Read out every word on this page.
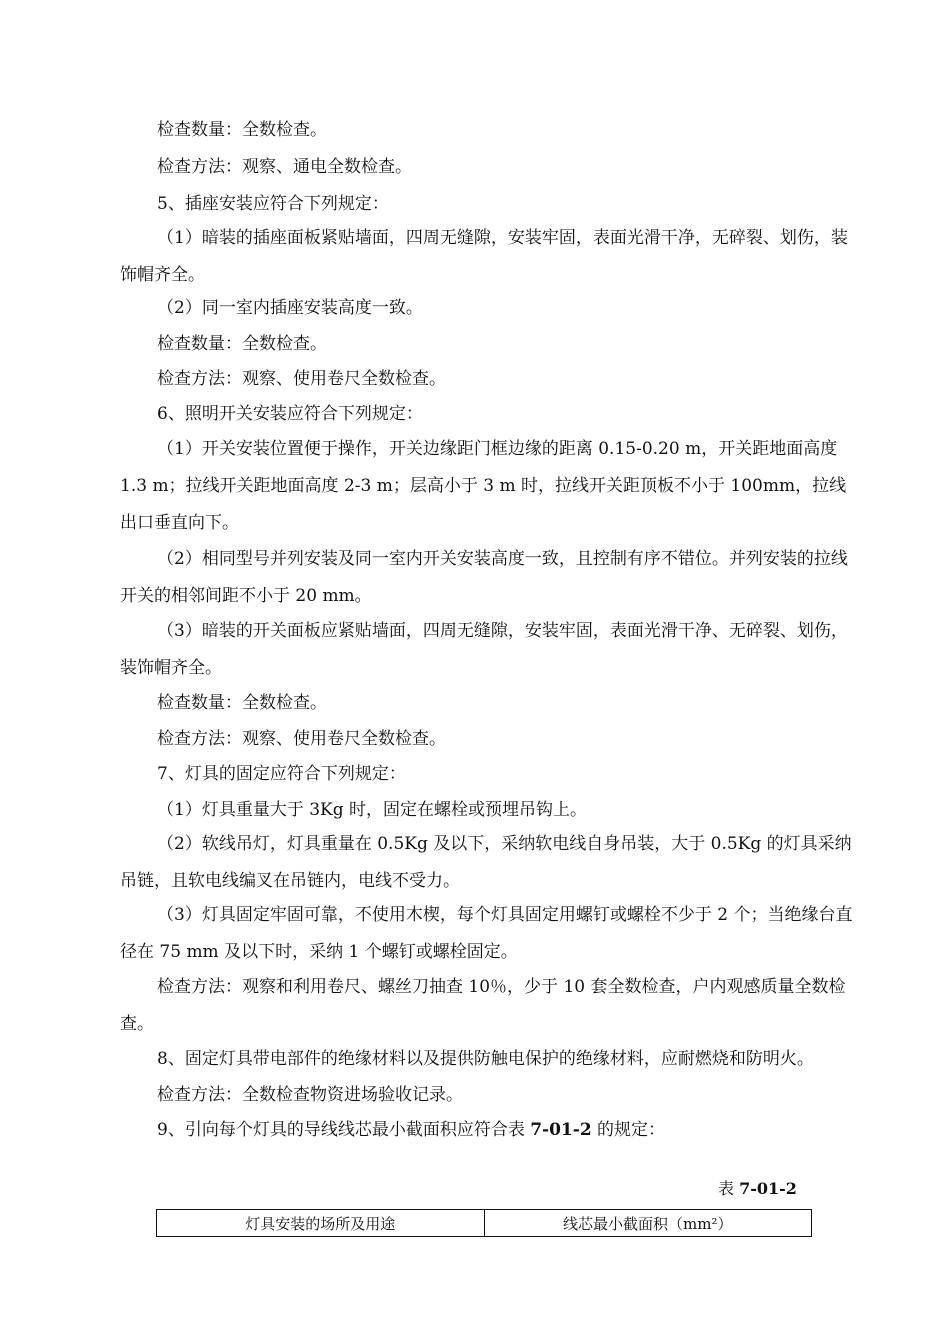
检查数量：全数检查。

检查方法：观察、通电全数检查。

5、插座安装应符合下列规定：

（1）暗装的插座面板紧贴墙面，四周无缝隙，安装牢固，表面光滑干净，无碎裂、划伤，装饰帽齐全。

（2）同一室内插座安装高度一致。

检查数量：全数检查。

检查方法：观察、使用卷尺全数检查。

6、照明开关安装应符合下列规定：

（1）开关安装位置便于操作，开关边缘距门框边缘的距离 0.15-0.20 m，开关距地面高度 1.3 m；拉线开关距地面高度 2-3 m；层高小于 3 m 时，拉线开关距顶板不小于 100mm，拉线出口垂直向下。

（2）相同型号并列安装及同一室内开关安装高度一致，且控制有序不错位。并列安装的拉线开关的相邻间距不小于 20 mm。

（3）暗装的开关面板应紧贴墙面，四周无缝隙，安装牢固，表面光滑干净、无碎裂、划伤，装饰帽齐全。

检查数量：全数检查。

检查方法：观察、使用卷尺全数检查。

7、灯具的固定应符合下列规定：

（1）灯具重量大于 3Kg 时，固定在螺栓或预埋吊钩上。

（2）软线吊灯，灯具重量在 0.5Kg 及以下，采纳软电线自身吊装，大于 0.5Kg 的灯具采纳吊链，且软电线编叉在吊链内，电线不受力。

（3）灯具固定牢固可靠，不使用木楔，每个灯具固定用螺钉或螺栓不少于 2 个；当绝缘台直径在 75 mm 及以下时，采纳 1 个螺钉或螺栓固定。

检查方法：观察和利用卷尺、螺丝刀抽查 10％，少于 10 套全数检查，户内观感质量全数检查。

8、固定灯具带电部件的绝缘材料以及提供防触电保护的绝缘材料，应耐燃烧和防明火。

检查方法：全数检查物资进场验收记录。

9、引向每个灯具的导线线芯最小截面积应符合表 7-01-2 的规定：

表 7-01-2
灯具安装的场所及用途	线芯最小截面积（mm²）
